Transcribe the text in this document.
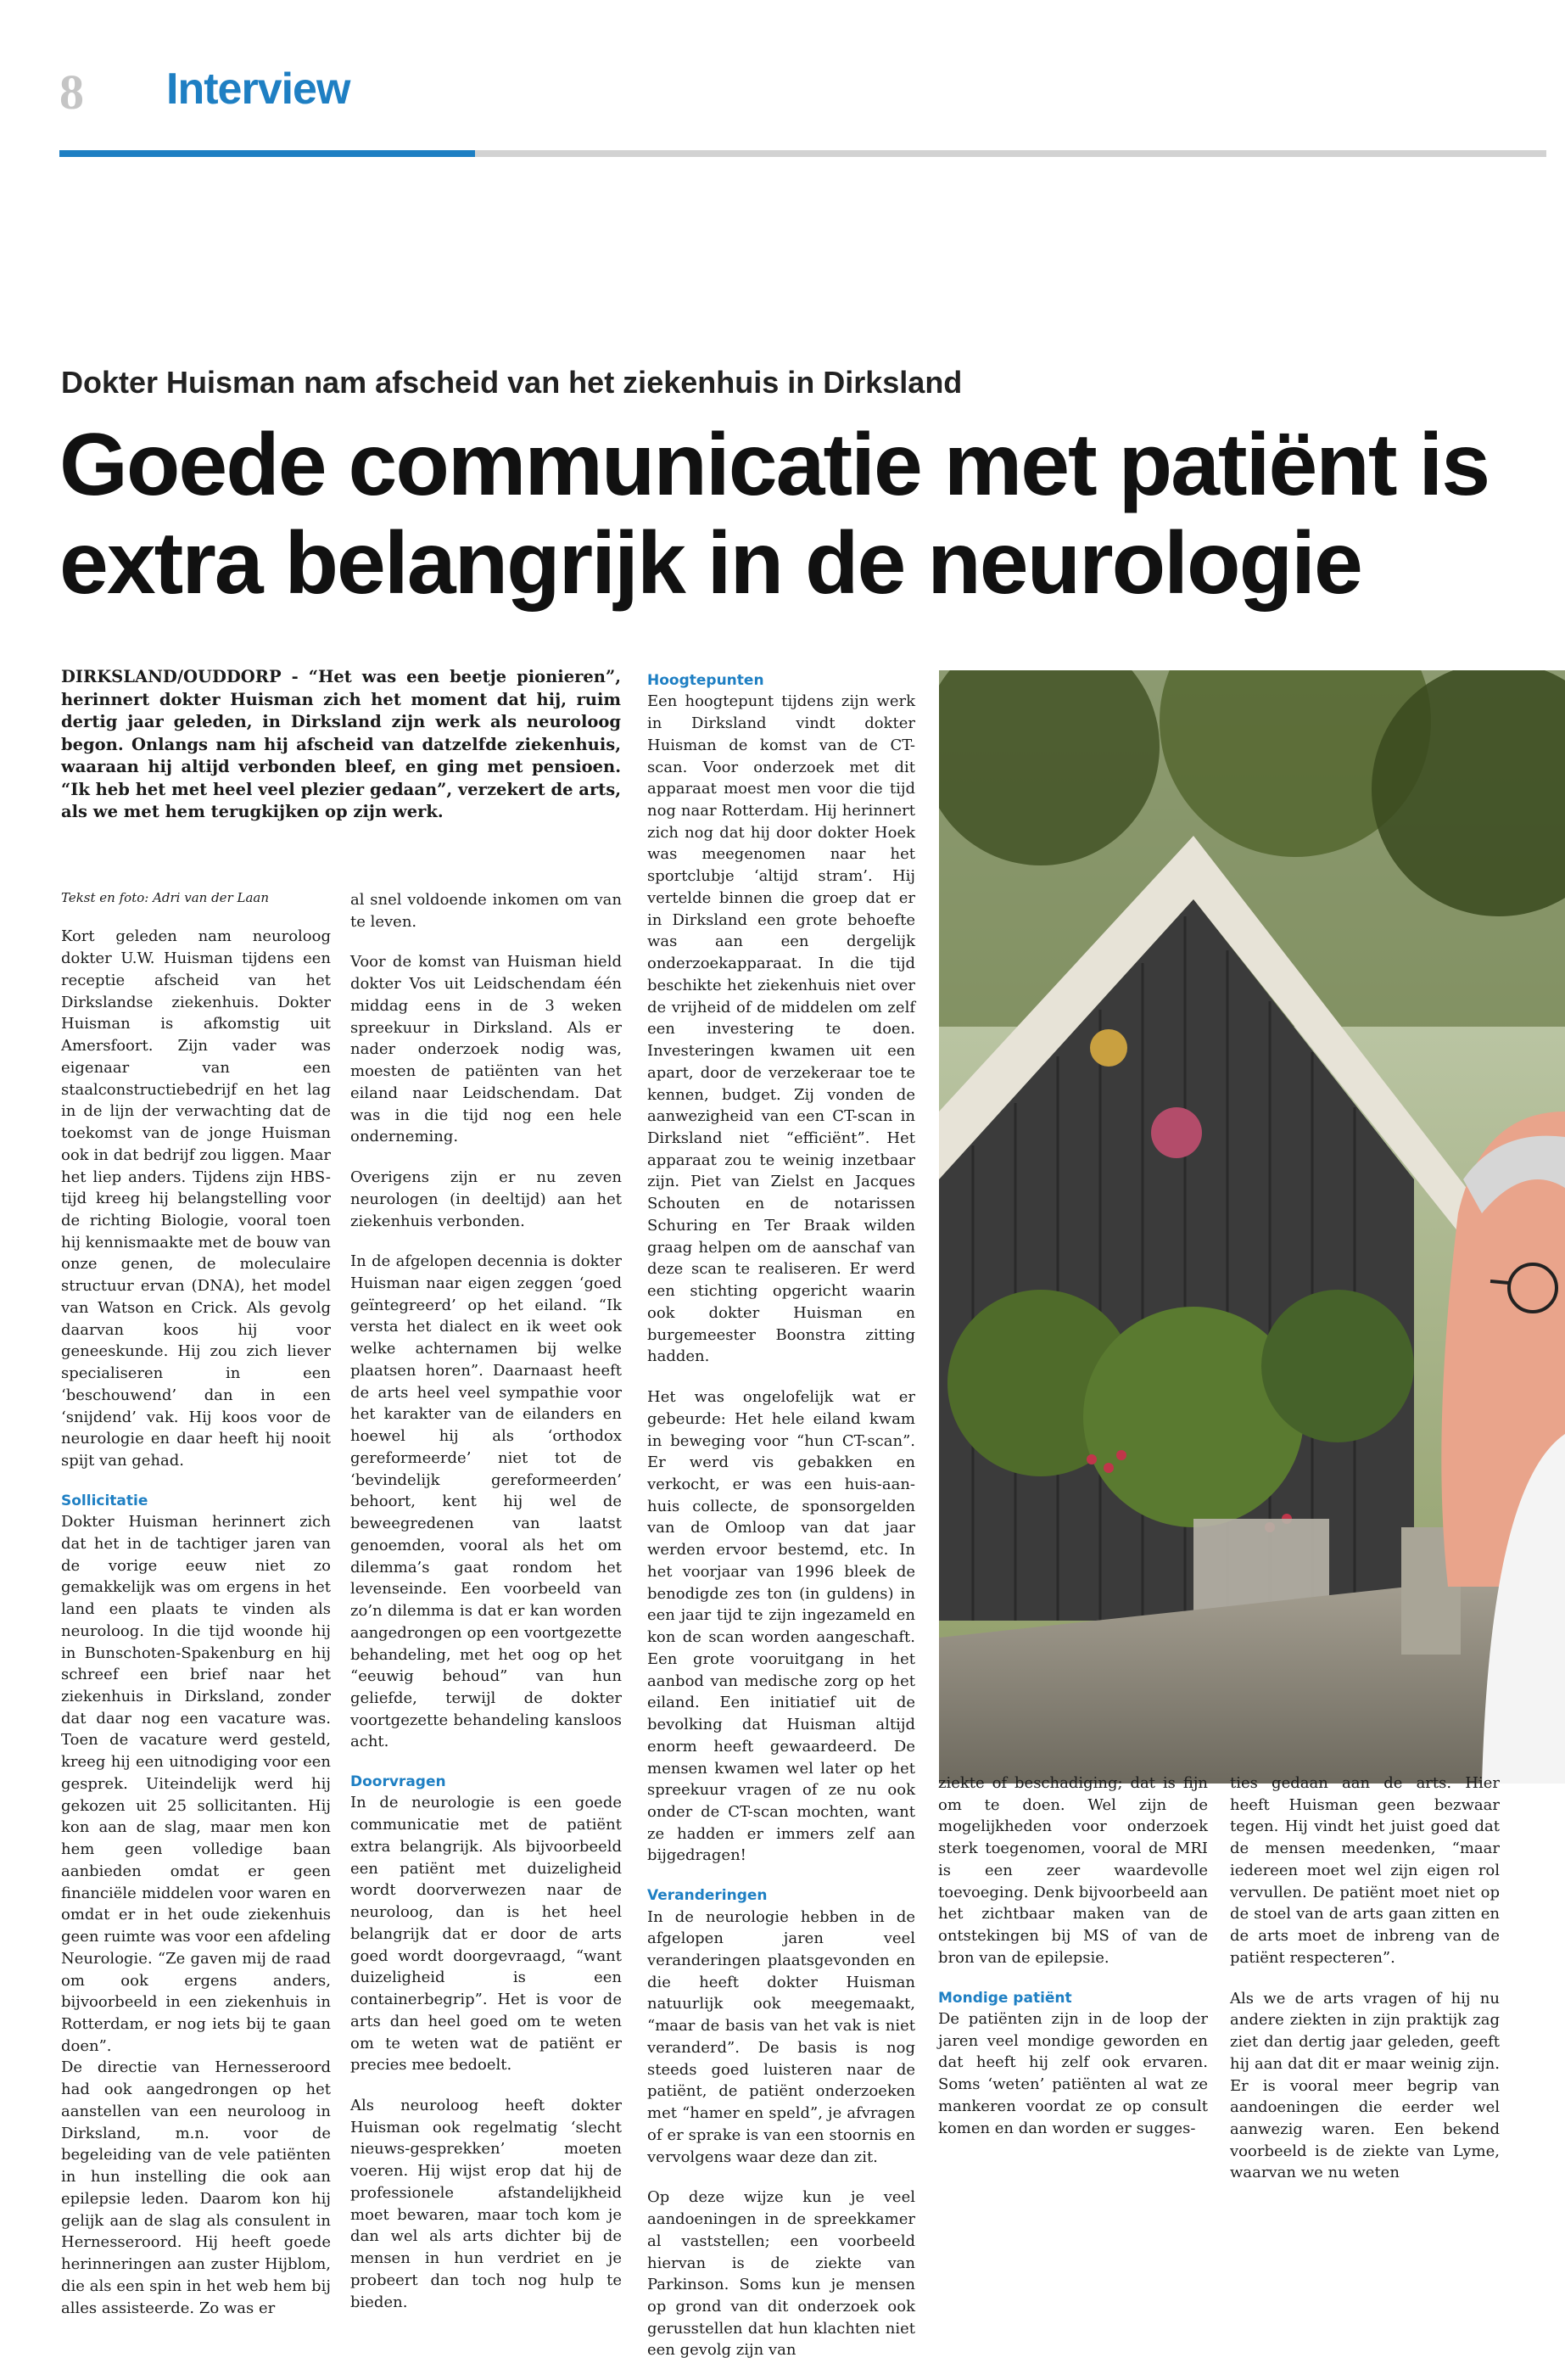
8 Interview
Dokter Huisman nam afscheid van het ziekenhuis in Dirksland
Goede communicatie met patiënt is extra belangrijk in de neurologie

DIRKSLAND/OUDDORP - “Het was een beetje pionieren”, herinnert dokter Huisman zich het moment dat hij, ruim dertig jaar geleden, in Dirksland zijn werk als neuroloog begon. Onlangs nam hij afscheid van datzelfde ziekenhuis, waaraan hij altijd verbonden bleef, en ging met pensioen. “Ik heb het met heel veel plezier gedaan”, verzekert de arts, als we met hem terugkijken op zijn werk.

Tekst en foto: Adri van der Laan

Kort geleden nam neuroloog dokter U.W. Huisman tijdens een receptie afscheid van het Dirkslandse ziekenhuis. Dokter Huisman is afkomstig uit Amersfoort. Zijn vader was eigenaar van een staalconstructiebedrijf en het lag in de lijn der verwachting dat de toekomst van de jonge Huisman ook in dat bedrijf zou liggen. Maar het liep anders. Tijdens zijn HBS-tijd kreeg hij belangstelling voor de richting Biologie, vooral toen hij kennismaakte met de bouw van onze genen, de moleculaire structuur ervan (DNA), het model van Watson en Crick. Als gevolg daarvan koos hij voor geneeskunde. Hij zou zich liever specialiseren in een ‘beschouwend’ dan in een ‘snijdend’ vak. Hij koos voor de neurologie en daar heeft hij nooit spijt van gehad.

Sollicitatie

Dokter Huisman herinnert zich dat het in de tachtiger jaren van de vorige eeuw niet zo gemakkelijk was om ergens in het land een plaats te vinden als neuroloog. In die tijd woonde hij in Bunschoten-Spakenburg en hij schreef een brief naar het ziekenhuis in Dirksland, zonder dat daar nog een vacature was. Toen de vacature werd gesteld, kreeg hij een uitnodiging voor een gesprek. Uiteindelijk werd hij gekozen uit 25 sollicitanten. Hij kon aan de slag, maar men kon hem geen volledige baan aanbieden omdat er geen financiële middelen voor waren en omdat er in het oude ziekenhuis geen ruimte was voor een afdeling Neurologie. “Ze gaven mij de raad om ook ergens anders, bijvoorbeeld in een ziekenhuis in Rotterdam, er nog iets bij te gaan doen”.

De directie van Hernesseroord had ook aangedrongen op het aanstellen van een neuroloog in Dirksland, m.n. voor de begeleiding van de vele patiënten in hun instelling die ook aan epilepsie leden. Daarom kon hij gelijk aan de slag als consulent in Hernesseroord. Hij heeft goede herinneringen aan zuster Hijblom, die als een spin in het web hem bij alles assisteerde. Zo was er

al snel voldoende inkomen om van te leven.

Voor de komst van Huisman hield dokter Vos uit Leidschendam één middag eens in de 3 weken spreekuur in Dirksland. Als er nader onderzoek nodig was, moesten de patiënten van het eiland naar Leidschendam. Dat was in die tijd nog een hele onderneming.

Overigens zijn er nu zeven neurologen (in deeltijd) aan het ziekenhuis verbonden.

In de afgelopen decennia is dokter Huisman naar eigen zeggen ‘goed geïntegreerd’ op het eiland. “Ik versta het dialect en ik weet ook welke achternamen bij welke plaatsen horen”. Daarnaast heeft de arts heel veel sympathie voor het karakter van de eilanders en hoewel hij als ‘orthodox gereformeerde’ niet tot de ‘bevindelijk gereformeerden’ behoort, kent hij wel de beweegredenen van laatst genoemden, vooral als het om dilemma’s gaat rondom het levenseinde. Een voorbeeld van zo’n dilemma is dat er kan worden aangedrongen op een voortgezette behandeling, met het oog op het “eeuwig behoud” van hun geliefde, terwijl de dokter voortgezette behandeling kansloos acht.

Doorvragen

In de neurologie is een goede communicatie met de patiënt extra belangrijk. Als bijvoorbeeld een patiënt met duizeligheid wordt doorverwezen naar de neuroloog, dan is het heel belangrijk dat er door de arts goed wordt doorgevraagd, “want duizeligheid is een containerbegrip”. Het is voor de arts dan heel goed om te weten om te weten wat de patiënt er precies mee bedoelt.

Als neuroloog heeft dokter Huisman ook regelmatig ‘slecht nieuws-gesprekken’ moeten voeren. Hij wijst erop dat hij de professionele afstandelijkheid moet bewaren, maar toch kom je dan wel als arts dichter bij de mensen in hun verdriet en je probeert dan toch nog hulp te bieden.

Hoogtepunten

Een hoogtepunt tijdens zijn werk in Dirksland vindt dokter Huisman de komst van de CT-scan. Voor onderzoek met dit apparaat moest men voor die tijd nog naar Rotterdam. Hij herinnert zich nog dat hij door dokter Hoek was meegenomen naar het sportclubje ‘altijd stram’. Hij vertelde binnen die groep dat er in Dirksland een grote behoefte was aan een dergelijk onderzoekapparaat. In die tijd beschikte het ziekenhuis niet over de vrijheid of de middelen om zelf een investering te doen. Investeringen kwamen uit een apart, door de verzekeraar toe te kennen, budget. Zij vonden de aanwezigheid van een CT-scan in Dirksland niet “efficiënt”. Het apparaat zou te weinig inzetbaar zijn. Piet van Zielst en Jacques Schouten en de notarissen Schuring en Ter Braak wilden graag helpen om de aanschaf van deze scan te realiseren. Er werd een stichting opgericht waarin ook dokter Huisman en burgemeester Boonstra zitting hadden.

Het was ongelofelijk wat er gebeurde: Het hele eiland kwam in beweging voor “hun CT-scan”. Er werd vis gebakken en verkocht, er was een huis-aan-huis collecte, de sponsorgelden van de Omloop van dat jaar werden ervoor bestemd, etc. In het voorjaar van 1996 bleek de benodigde zes ton (in guldens) in een jaar tijd te zijn ingezameld en kon de scan worden aangeschaft. Een grote vooruitgang in het aanbod van medische zorg op het eiland. Een initiatief uit de bevolking dat Huisman altijd enorm heeft gewaardeerd. De mensen kwamen wel later op het spreekuur vragen of ze nu ook onder de CT-scan mochten, want ze hadden er immers zelf aan bijgedragen!

Veranderingen

In de neurologie hebben in de afgelopen jaren veel veranderingen plaatsgevonden en die heeft dokter Huisman natuurlijk ook meegemaakt, “maar de basis van het vak is niet veranderd”. De basis is nog steeds goed luisteren naar de patiënt, de patiënt onderzoeken met “hamer en speld”, je afvragen of er sprake is van een stoornis en vervolgens waar deze dan zit.

Op deze wijze kun je veel aandoeningen in de spreekkamer al vaststellen; een voorbeeld hiervan is de ziekte van Parkinson. Soms kun je mensen op grond van dit onderzoek ook gerusstellen dat hun klachten niet een gevolg zijn van

ziekte of beschadiging; dat is fijn om te doen. Wel zijn de mogelijkheden voor onderzoek sterk toegenomen, vooral de MRI is een zeer waardevolle toevoeging. Denk bijvoorbeeld aan het zichtbaar maken van de ontstekingen bij MS of van de bron van de epilepsie.

Mondige patiënt

De patiënten zijn in de loop der jaren veel mondige geworden en dat heeft hij zelf ook ervaren. Soms ‘weten’ patiënten al wat ze mankeren voordat ze op consult komen en dan worden er sugges-

ties gedaan aan de arts. Hier heeft Huisman geen bezwaar tegen. Hij vindt het juist goed dat de mensen meedenken, “maar iedereen moet wel zijn eigen rol vervullen. De patiënt moet niet op de stoel van de arts gaan zitten en de arts moet de inbreng van de patiënt respecteren”.

Als we de arts vragen of hij nu andere ziekten in zijn praktijk zag ziet dan dertig jaar geleden, geeft hij aan dat dit er maar weinig zijn. Er is vooral meer begrip van aandoeningen die eerder wel aanwezig waren. Een bekend voorbeeld is de ziekte van Lyme, waarvan we nu weten
